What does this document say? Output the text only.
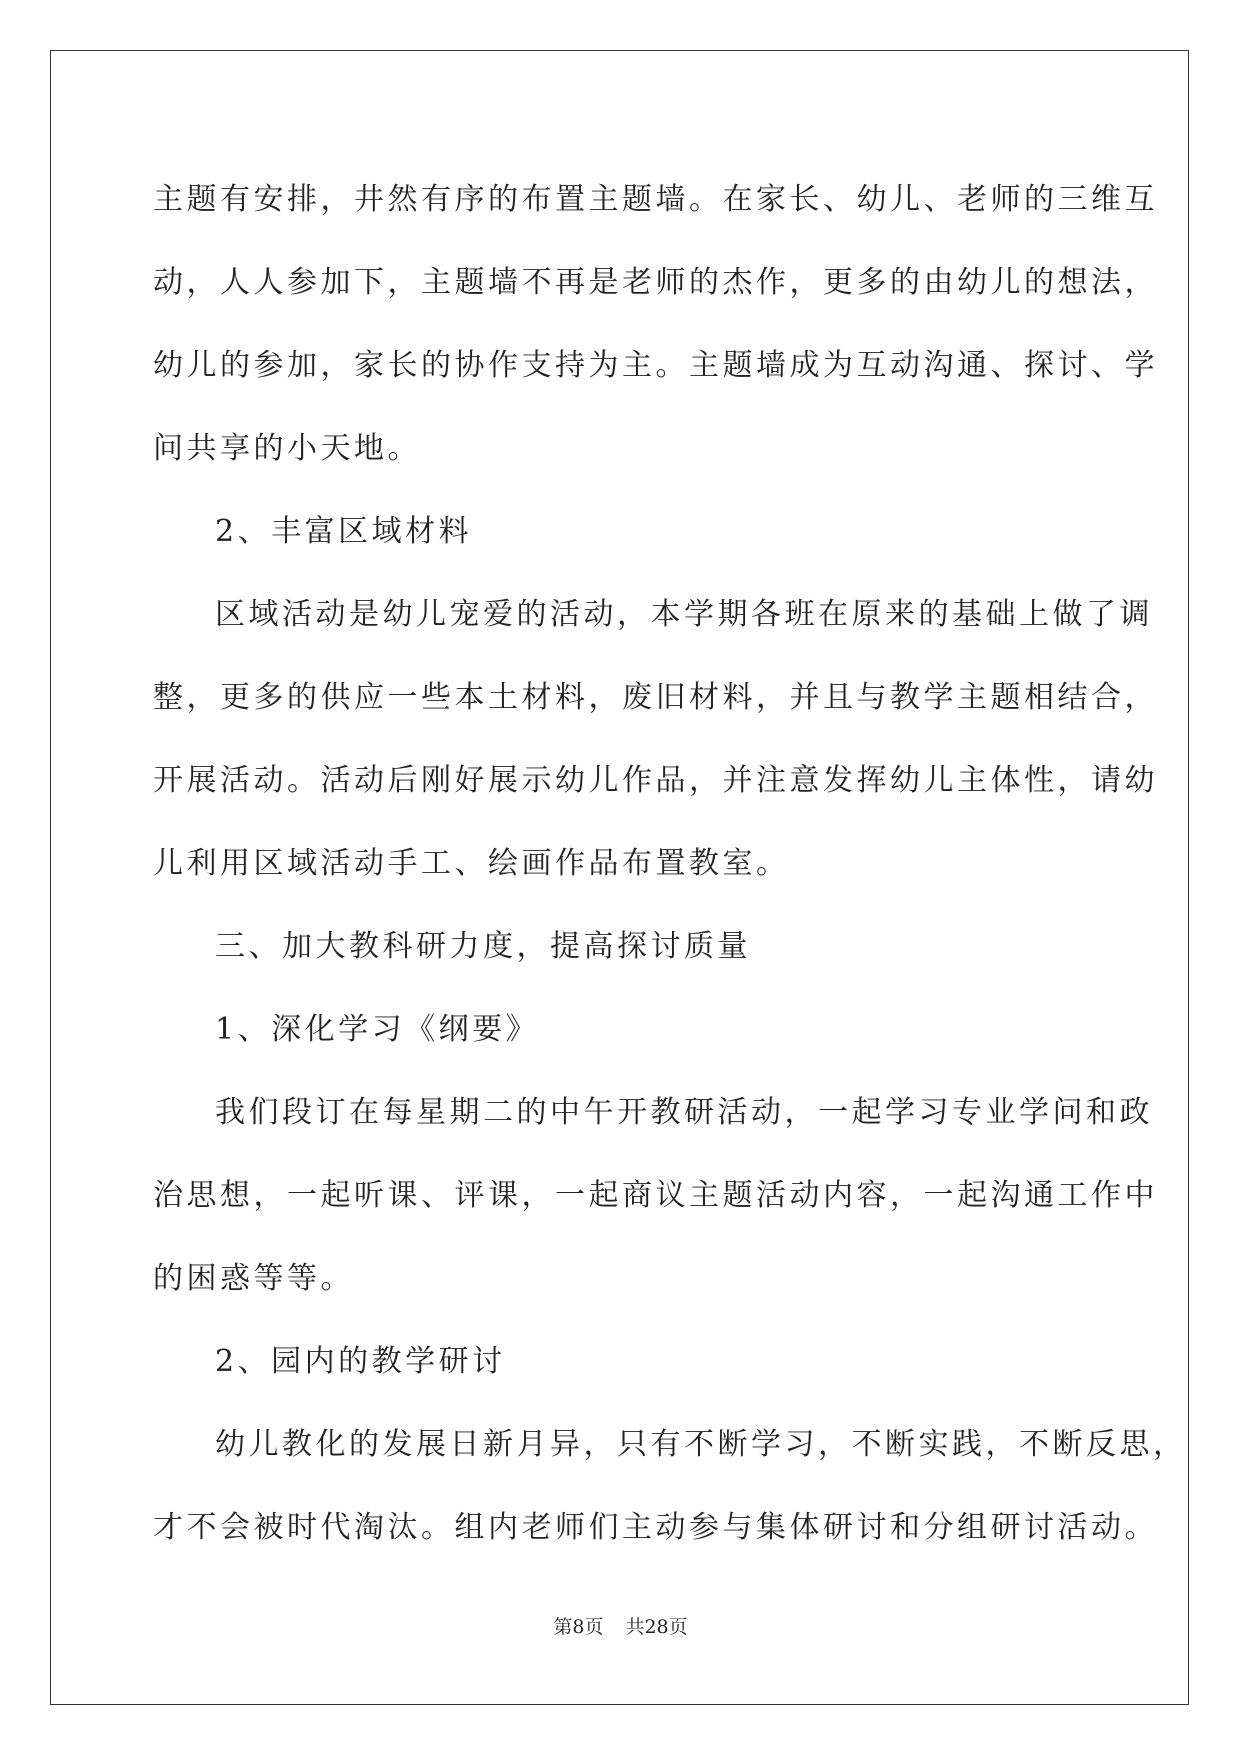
主题有安排，井然有序的布置主题墙。在家长、幼儿、老师的三维互
动，人人参加下，主题墙不再是老师的杰作，更多的由幼儿的想法，
幼儿的参加，家长的协作支持为主。主题墙成为互动沟通、探讨、学
问共享的小天地。
2、丰富区域材料
区域活动是幼儿宠爱的活动，本学期各班在原来的基础上做了调
整，更多的供应一些本土材料，废旧材料，并且与教学主题相结合，
开展活动。活动后刚好展示幼儿作品，并注意发挥幼儿主体性，请幼
儿利用区域活动手工、绘画作品布置教室。
三、加大教科研力度，提高探讨质量
1、深化学习《纲要》
我们段订在每星期二的中午开教研活动，一起学习专业学问和政
治思想，一起听课、评课，一起商议主题活动内容，一起沟通工作中
的困惑等等。
2、园内的教学研讨
幼儿教化的发展日新月异，只有不断学习，不断实践，不断反思，
才不会被时代淘汰。组内老师们主动参与集体研讨和分组研讨活动。
第8页 共28页
